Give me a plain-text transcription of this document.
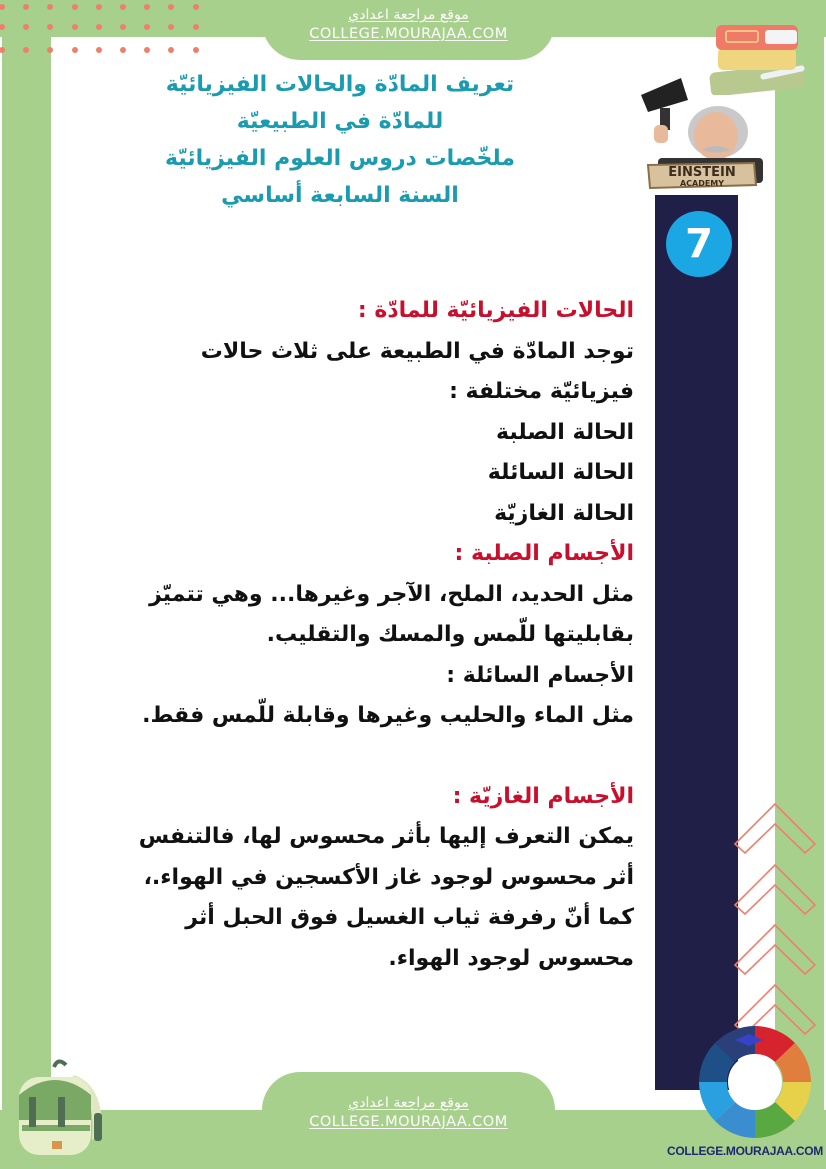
موقع مراجعة اعدادي
COLLEGE.MOURAJAA.COM
EINSTEIN
ACADEMY
7
تعريف المادّة والحالات الفيزيائيّة
للمادّة في الطبيعيّة
ملخّصات دروس العلوم الفيزيائيّة
السنة السابعة أساسي
الحالات الفيزيائيّة للمادّة :
توجد المادّة في الطبيعة على ثلاث حالات
فيزيائيّة مختلفة :
الحالة الصلبة
الحالة السائلة
الحالة الغازيّة
الأجسام الصلبة :
مثل الحديد، الملح، الآجر وغيرها... وهي تتميّز
بقابليتها للّمس والمسك والتقليب.
الأجسام السائلة :
مثل الماء والحليب وغيرها وقابلة للّمس فقط.
الأجسام الغازيّة :
يمكن التعرف إليها بأثر محسوس لها، فالتنفس
أثر محسوس لوجود غاز الأكسجين في الهواء.،
كما أنّ رفرفة ثياب الغسيل فوق الحبل أثر
محسوس لوجود الهواء.
موقع مراجعة اعدادي
COLLEGE.MOURAJAA.COM
COLLEGE.MOURAJAA.COM
